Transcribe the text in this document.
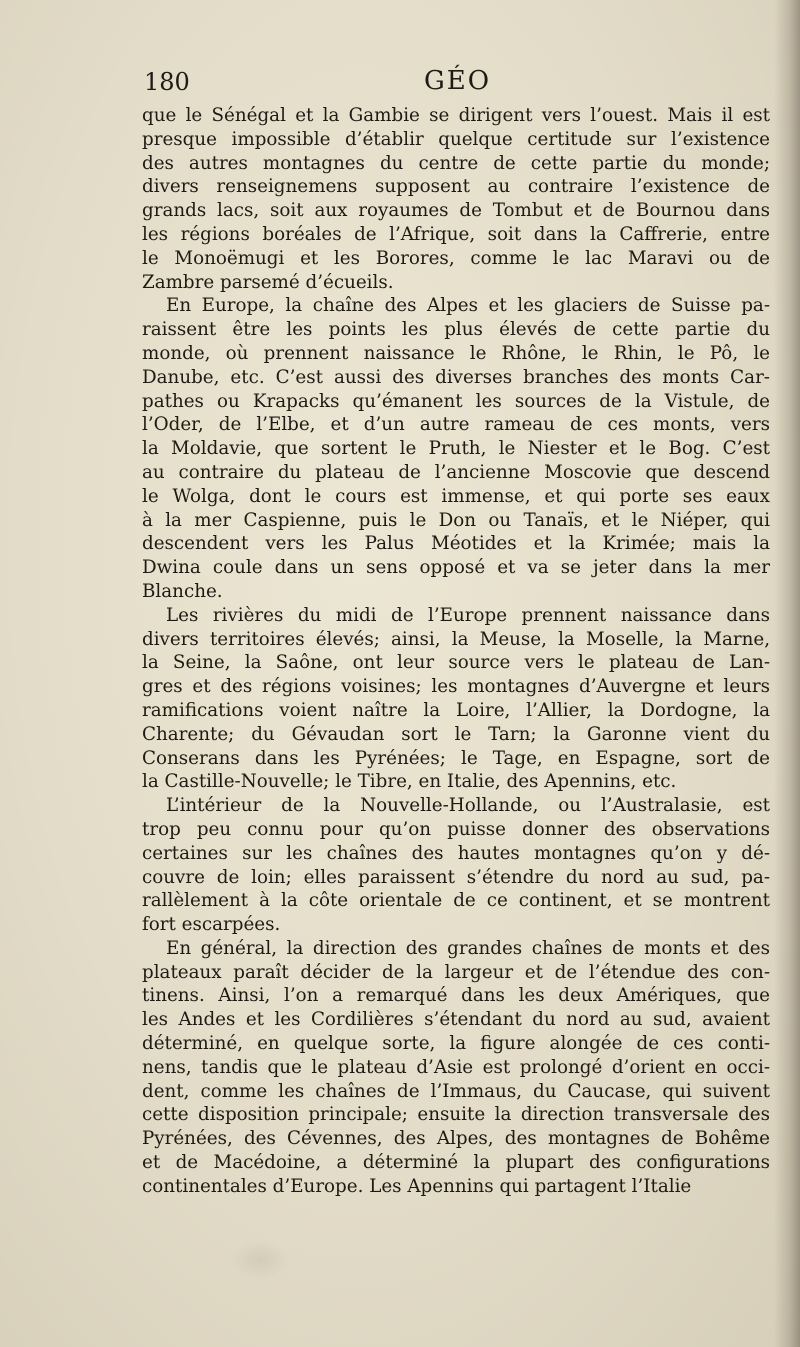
180	GÉO
que le Sénégal et la Gambie se dirigent vers l’ouest. Mais il est
presque impossible d’établir quelque certitude sur l’existence
des autres montagnes du centre de cette partie du monde;
divers renseignemens supposent au contraire l’existence de
grands lacs, soit aux royaumes de Tombut et de Bournou dans
les régions boréales de l’Afrique, soit dans la Caffrerie, entre
le Monoëmugi et les Borores, comme le lac Maravi ou de
Zambre parsemé d’écueils.
En Europe, la chaîne des Alpes et les glaciers de Suisse pa-
raissent être les points les plus élevés de cette partie du
monde, où prennent naissance le Rhône, le Rhin, le Pô, le
Danube, etc. C’est aussi des diverses branches des monts Car-
pathes ou Krapacks qu’émanent les sources de la Vistule, de
l’Oder, de l’Elbe, et d’un autre rameau de ces monts, vers
la Moldavie, que sortent le Pruth, le Niester et le Bog. C’est
au contraire du plateau de l’ancienne Moscovie que descend
le Wolga, dont le cours est immense, et qui porte ses eaux
à la mer Caspienne, puis le Don ou Tanaïs, et le Niéper, qui
descendent vers les Palus Méotides et la Krimée; mais la
Dwina coule dans un sens opposé et va se jeter dans la mer
Blanche.
Les rivières du midi de l’Europe prennent naissance dans
divers territoires élevés; ainsi, la Meuse, la Moselle, la Marne,
la Seine, la Saône, ont leur source vers le plateau de Lan-
gres et des régions voisines; les montagnes d’Auvergne et leurs
ramifications voient naître la Loire, l’Allier, la Dordogne, la
Charente; du Gévaudan sort le Tarn; la Garonne vient du
Conserans dans les Pyrénées; le Tage, en Espagne, sort de
la Castille-Nouvelle; le Tibre, en Italie, des Apennins, etc.
L’intérieur de la Nouvelle-Hollande, ou l’Australasie, est
trop peu connu pour qu’on puisse donner des observations
certaines sur les chaînes des hautes montagnes qu’on y dé-
couvre de loin; elles paraissent s’étendre du nord au sud, pa-
rallèlement à la côte orientale de ce continent, et se montrent
fort escarpées.
En général, la direction des grandes chaînes de monts et des
plateaux paraît décider de la largeur et de l’étendue des con-
tinens. Ainsi, l’on a remarqué dans les deux Amériques, que
les Andes et les Cordilières s’étendant du nord au sud, avaient
déterminé, en quelque sorte, la figure alongée de ces conti-
nens, tandis que le plateau d’Asie est prolongé d’orient en occi-
dent, comme les chaînes de l’Immaus, du Caucase, qui suivent
cette disposition principale; ensuite la direction transversale des
Pyrénées, des Cévennes, des Alpes, des montagnes de Bohême
et de Macédoine, a déterminé la plupart des configurations
continentales d’Europe. Les Apennins qui partagent l’Italie
